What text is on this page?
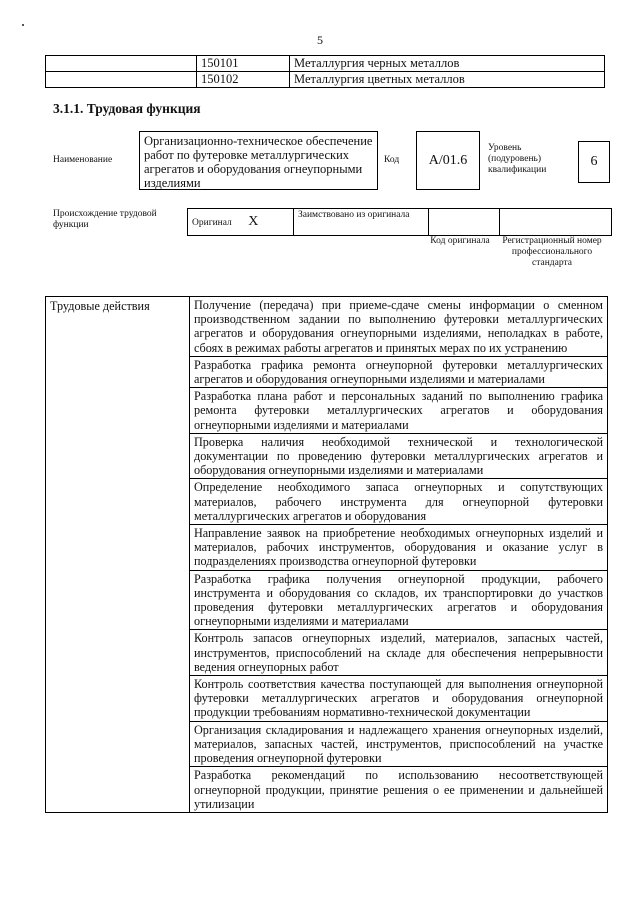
5
	150101	Металлургия черных металлов
	150102	Металлургия цветных металлов
3.1.1. Трудовая функция
Наименование
Организационно-техническое обеспечение работ по футеровке металлургических агрегатов и оборудования огнеупорными изделиями
Код	A/01.6
Уровень (подуровень) квалификации
6
Происхождение трудовой функции	Оригинал X	Заимствовано из оригинала		
Код оригинала	Регистрационный номер профессионального стандарта
Трудовые действия	Получение (передача) при приеме-сдаче смены информации о сменном производственном задании по выполнению футеровки металлургических агрегатов и оборудования огнеупорными изделиями, неполадках в работе, сбоях в режимах работы агрегатов и принятых мерах по их устранению
Разработка графика ремонта огнеупорной футеровки металлургических агрегатов и оборудования огнеупорными изделиями и материалами
Разработка плана работ и персональных заданий по выполнению графика ремонта футеровки металлургических агрегатов и оборудования огнеупорными изделиями и материалами
Проверка наличия необходимой технической и технологической документации по проведению футеровки металлургических агрегатов и оборудования огнеупорными изделиями и материалами
Определение необходимого запаса огнеупорных и сопутствующих материалов, рабочего инструмента для огнеупорной футеровки металлургических агрегатов и оборудования
Направление заявок на приобретение необходимых огнеупорных изделий и материалов, рабочих инструментов, оборудования и оказание услуг в подразделениях производства огнеупорной футеровки
Разработка графика получения огнеупорной продукции, рабочего инструмента и оборудования со складов, их транспортировки до участков проведения футеровки металлургических агрегатов и оборудования огнеупорными изделиями и материалами
Контроль запасов огнеупорных изделий, материалов, запасных частей, инструментов, приспособлений на складе для обеспечения непрерывности ведения огнеупорных работ
Контроль соответствия качества поступающей для выполнения огнеупорной футеровки металлургических агрегатов и оборудования огнеупорной продукции требованиям нормативно-технической документации
Организация складирования и надлежащего хранения огнеупорных изделий, материалов, запасных частей, инструментов, приспособлений на участке проведения огнеупорной футеровки
Разработка рекомендаций по использованию несоответствующей огнеупорной продукции, принятие решения о ее применении и дальнейшей утилизации
